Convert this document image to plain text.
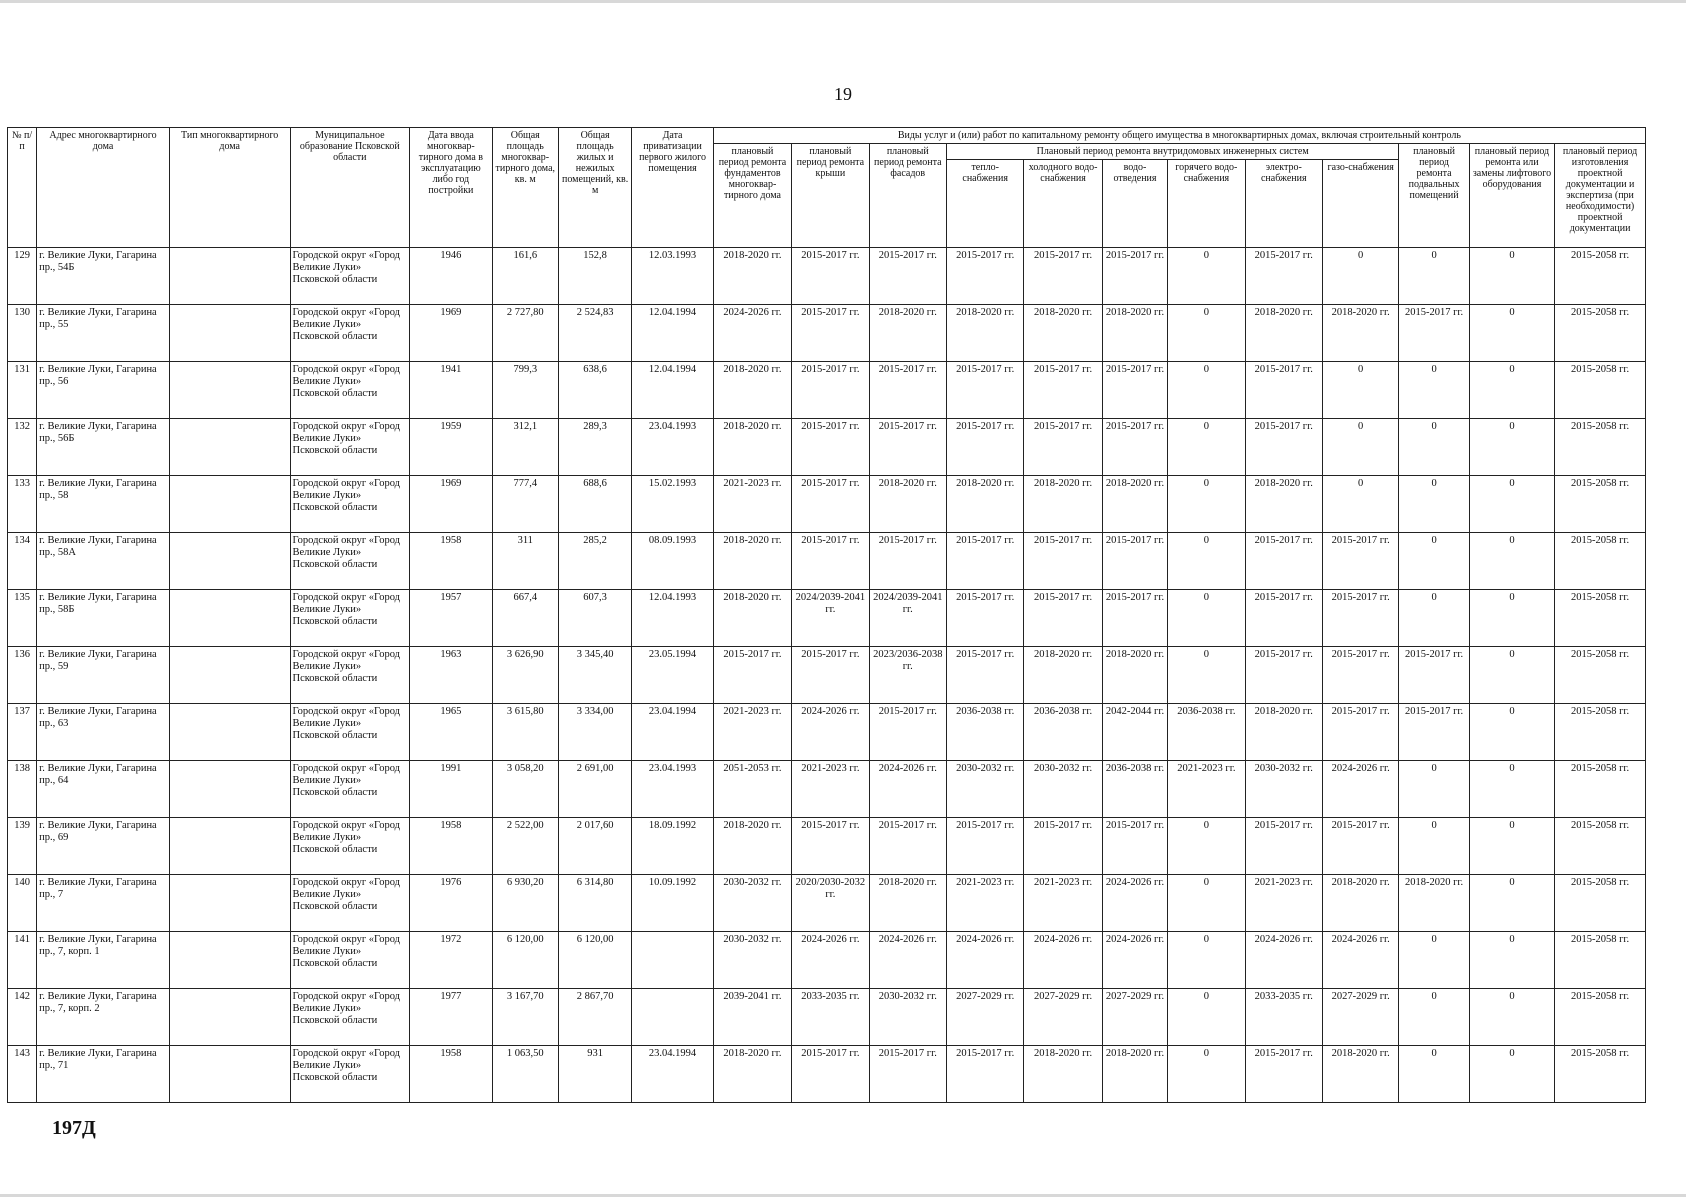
19
№ п/п	Адрес многоквартирного дома	Тип многоквартирного дома	Муниципальное образование Псковской области	Дата ввода многоквар-тирного дома в эксплуатацию либо год постройки	Общая площадь многоквар-тирного дома, кв. м	Общая площадь жилых и нежилых помещений, кв. м	Дата приватизации первого жилого помещения	Виды услуг и (или) работ по капитальному ремонту общего имущества в многоквартирных домах, включая строительный контроль											
								плановый период ремонта фундаментов многоквар-тирного дома	плановый период ремонта крыши	плановый период ремонта фасадов	Плановый период ремонта внутридомовых инженерных систем						плановый период ремонта подвальных помещений	плановый период ремонта или замены лифтового оборудования	плановый период изготовления проектной документации и экспертиза (при необходимости) проектной документации
											тепло-снабжения	холодного водо-снабжения	водо-отведения	горячего водо-снабжения	электро-снабжения	газо-снабжения			
129	г. Великие Луки, Гагарина пр., 54Б		Городской округ «Город Великие Луки» Псковской области	1946	161,6	152,8	12.03.1993	2018-2020 гг.	2015-2017 гг.	2015-2017 гг.	2015-2017 гг.	2015-2017 гг.	2015-2017 гг.	0	2015-2017 гг.	0	0	0	2015-2058 гг.
130	г. Великие Луки, Гагарина пр., 55		Городской округ «Город Великие Луки» Псковской области	1969	2 727,80	2 524,83	12.04.1994	2024-2026 гг.	2015-2017 гг.	2018-2020 гг.	2018-2020 гг.	2018-2020 гг.	2018-2020 гг.	0	2018-2020 гг.	2018-2020 гг.	2015-2017 гг.	0	2015-2058 гг.
131	г. Великие Луки, Гагарина пр., 56		Городской округ «Город Великие Луки» Псковской области	1941	799,3	638,6	12.04.1994	2018-2020 гг.	2015-2017 гг.	2015-2017 гг.	2015-2017 гг.	2015-2017 гг.	2015-2017 гг.	0	2015-2017 гг.	0	0	0	2015-2058 гг.
132	г. Великие Луки, Гагарина пр., 56Б		Городской округ «Город Великие Луки» Псковской области	1959	312,1	289,3	23.04.1993	2018-2020 гг.	2015-2017 гг.	2015-2017 гг.	2015-2017 гг.	2015-2017 гг.	2015-2017 гг.	0	2015-2017 гг.	0	0	0	2015-2058 гг.
133	г. Великие Луки, Гагарина пр., 58		Городской округ «Город Великие Луки» Псковской области	1969	777,4	688,6	15.02.1993	2021-2023 гг.	2015-2017 гг.	2018-2020 гг.	2018-2020 гг.	2018-2020 гг.	2018-2020 гг.	0	2018-2020 гг.	0	0	0	2015-2058 гг.
134	г. Великие Луки, Гагарина пр., 58А		Городской округ «Город Великие Луки» Псковской области	1958	311	285,2	08.09.1993	2018-2020 гг.	2015-2017 гг.	2015-2017 гг.	2015-2017 гг.	2015-2017 гг.	2015-2017 гг.	0	2015-2017 гг.	2015-2017 гг.	0	0	2015-2058 гг.
135	г. Великие Луки, Гагарина пр., 58Б		Городской округ «Город Великие Луки» Псковской области	1957	667,4	607,3	12.04.1993	2018-2020 гг.	2024/2039-2041 гг.	2024/2039-2041 гг.	2015-2017 гг.	2015-2017 гг.	2015-2017 гг.	0	2015-2017 гг.	2015-2017 гг.	0	0	2015-2058 гг.
136	г. Великие Луки, Гагарина пр., 59		Городской округ «Город Великие Луки» Псковской области	1963	3 626,90	3 345,40	23.05.1994	2015-2017 гг.	2015-2017 гг.	2023/2036-2038 гг.	2015-2017 гг.	2018-2020 гг.	2018-2020 гг.	0	2015-2017 гг.	2015-2017 гг.	2015-2017 гг.	0	2015-2058 гг.
137	г. Великие Луки, Гагарина пр., 63		Городской округ «Город Великие Луки» Псковской области	1965	3 615,80	3 334,00	23.04.1994	2021-2023 гг.	2024-2026 гг.	2015-2017 гг.	2036-2038 гг.	2036-2038 гг.	2042-2044 гг.	2036-2038 гг.	2018-2020 гг.	2015-2017 гг.	2015-2017 гг.	0	2015-2058 гг.
138	г. Великие Луки, Гагарина пр., 64		Городской округ «Город Великие Луки» Псковской области	1991	3 058,20	2 691,00	23.04.1993	2051-2053 гг.	2021-2023 гг.	2024-2026 гг.	2030-2032 гг.	2030-2032 гг.	2036-2038 гг.	2021-2023 гг.	2030-2032 гг.	2024-2026 гг.	0	0	2015-2058 гг.
139	г. Великие Луки, Гагарина пр., 69		Городской округ «Город Великие Луки» Псковской области	1958	2 522,00	2 017,60	18.09.1992	2018-2020 гг.	2015-2017 гг.	2015-2017 гг.	2015-2017 гг.	2015-2017 гг.	2015-2017 гг.	0	2015-2017 гг.	2015-2017 гг.	0	0	2015-2058 гг.
140	г. Великие Луки, Гагарина пр., 7		Городской округ «Город Великие Луки» Псковской области	1976	6 930,20	6 314,80	10.09.1992	2030-2032 гг.	2020/2030-2032 гг.	2018-2020 гг.	2021-2023 гг.	2021-2023 гг.	2024-2026 гг.	0	2021-2023 гг.	2018-2020 гг.	2018-2020 гг.	0	2015-2058 гг.
141	г. Великие Луки, Гагарина пр., 7, корп. 1		Городской округ «Город Великие Луки» Псковской области	1972	6 120,00	6 120,00		2030-2032 гг.	2024-2026 гг.	2024-2026 гг.	2024-2026 гг.	2024-2026 гг.	2024-2026 гг.	0	2024-2026 гг.	2024-2026 гг.	0	0	2015-2058 гг.
142	г. Великие Луки, Гагарина пр., 7, корп. 2		Городской округ «Город Великие Луки» Псковской области	1977	3 167,70	2 867,70		2039-2041 гг.	2033-2035 гг.	2030-2032 гг.	2027-2029 гг.	2027-2029 гг.	2027-2029 гг.	0	2033-2035 гг.	2027-2029 гг.	0	0	2015-2058 гг.
143	г. Великие Луки, Гагарина пр., 71		Городской округ «Город Великие Луки» Псковской области	1958	1 063,50	931	23.04.1994	2018-2020 гг.	2015-2017 гг.	2015-2017 гг.	2015-2017 гг.	2018-2020 гг.	2018-2020 гг.	0	2015-2017 гг.	2018-2020 гг.	0	0	2015-2058 гг.
197Д
